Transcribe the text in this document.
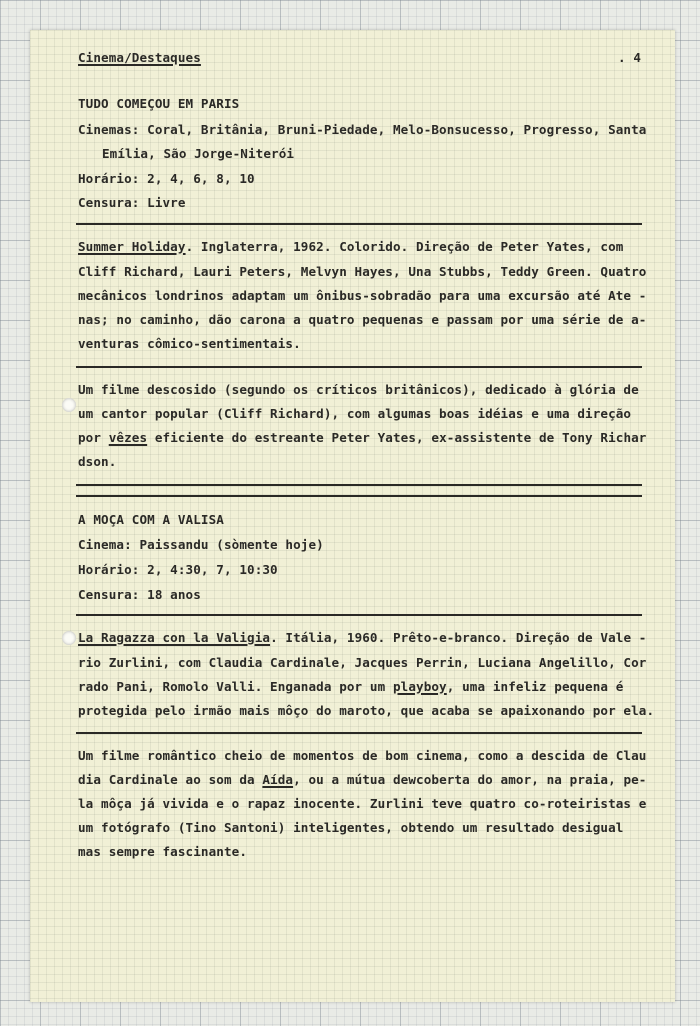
Cinema/Destaques	. 4
TUDO COMEÇOU EM PARIS
Cinemas: Coral, Britânia, Bruni-Piedade, Melo-Bonsucesso, Progresso, Santa
Emília, São Jorge-Niterói
Horário: 2, 4, 6, 8, 10
Censura: Livre
Summer Holiday. Inglaterra, 1962. Colorido. Direção de Peter Yates, com
Cliff Richard, Lauri Peters, Melvyn Hayes, Una Stubbs, Teddy Green. Quatro
mecânicos londrinos adaptam um ônibus-sobradão para uma excursão até Ate -
nas; no caminho, dão carona a quatro pequenas e passam por uma série de a-
venturas cômico-sentimentais.
Um filme descosido (segundo os críticos britânicos), dedicado à glória de
um cantor popular (Cliff Richard), com algumas boas idéias e uma direção
por vêzes eficiente do estreante Peter Yates, ex-assistente de Tony Richar
dson.
A MOÇA COM A VALISA
Cinema: Paissandu (sòmente hoje)
Horário: 2, 4:30, 7, 10:30
Censura: 18 anos
La Ragazza con la Valigia. Itália, 1960. Prêto-e-branco. Direção de Vale -
rio Zurlini, com Claudia Cardinale, Jacques Perrin, Luciana Angelillo, Cor
rado Pani, Romolo Valli. Enganada por um playboy, uma infeliz pequena é
protegida pelo irmão mais môço do maroto, que acaba se apaixonando por ela.
Um filme romântico cheio de momentos de bom cinema, como a descida de Clau
dia Cardinale ao som da Aída, ou a mútua dewcoberta do amor, na praia, pe-
la môça já vivida e o rapaz inocente. Zurlini teve quatro co-roteiristas e
um fotógrafo (Tino Santoni) inteligentes, obtendo um resultado desigual
mas sempre fascinante.
